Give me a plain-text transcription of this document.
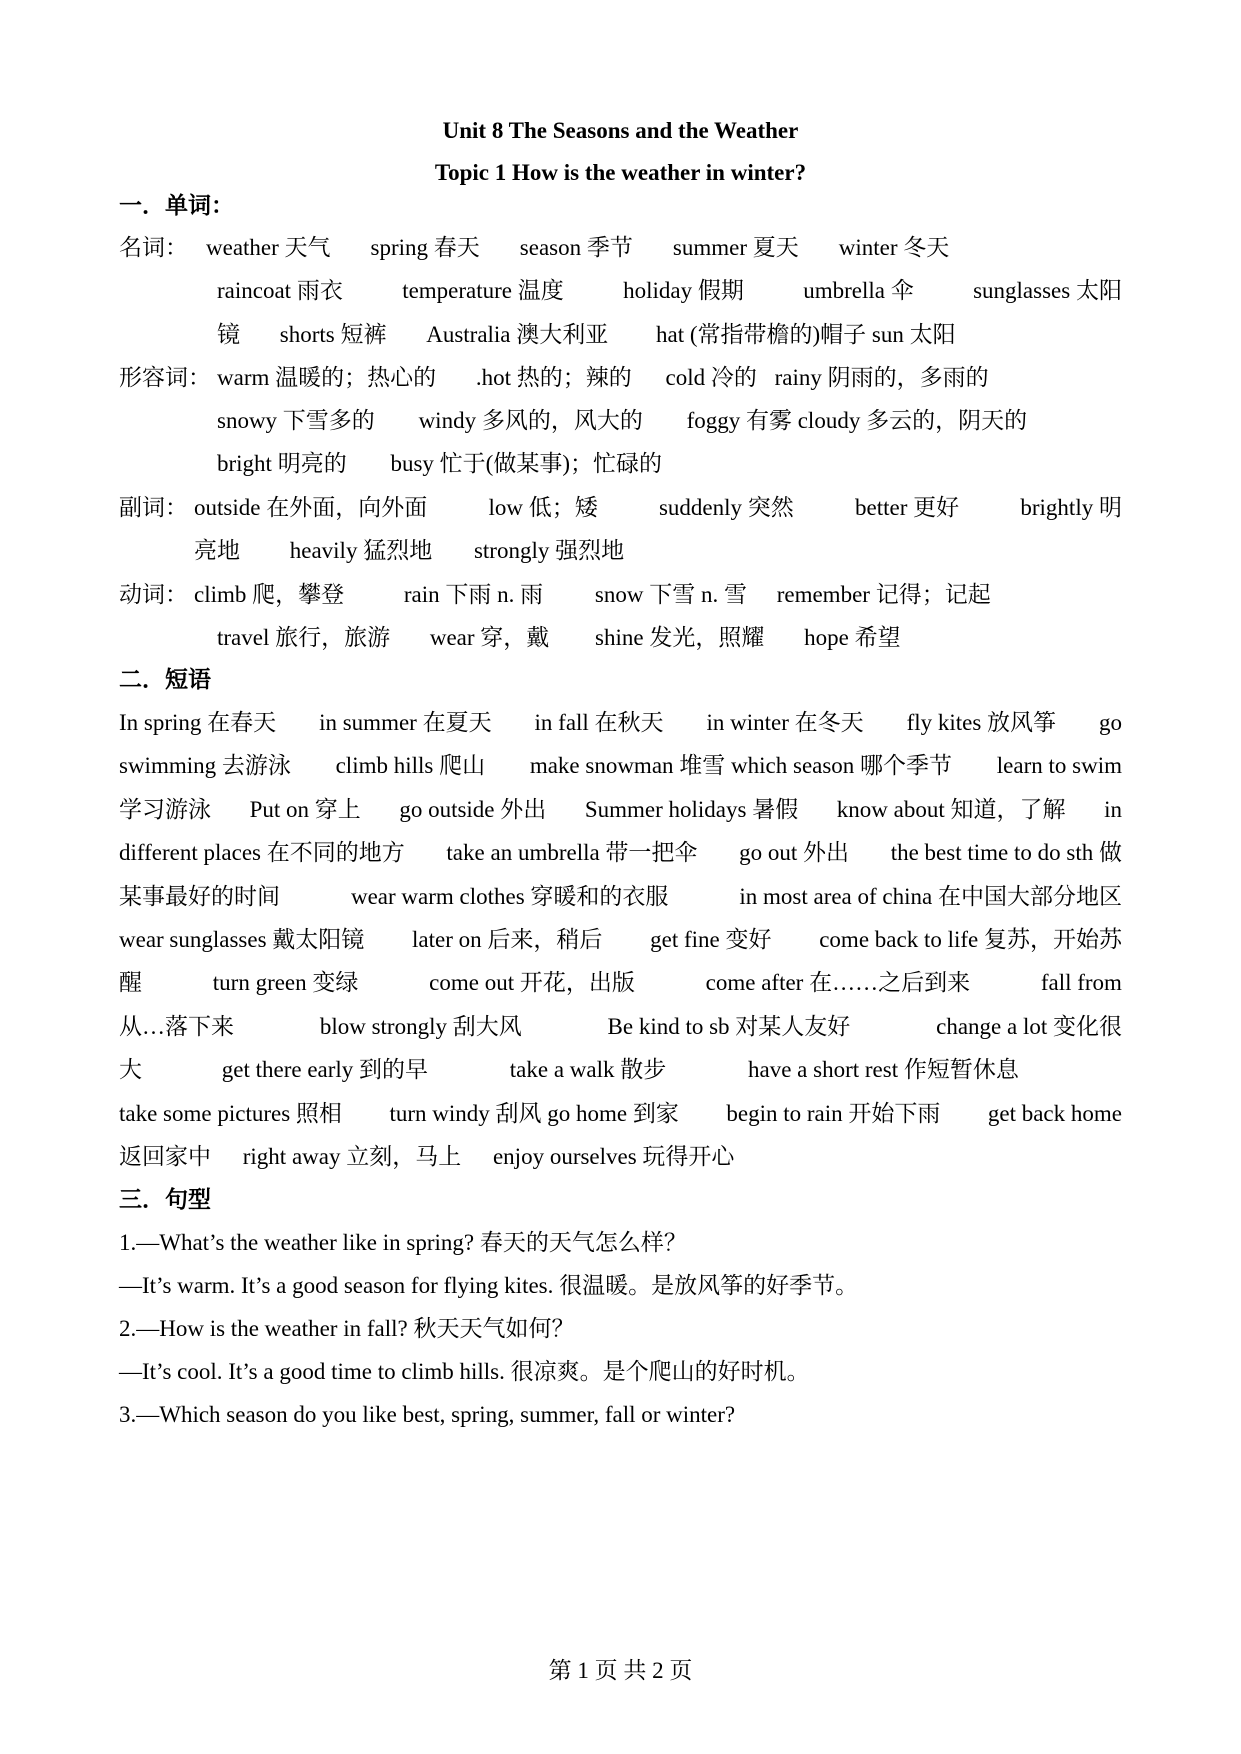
Unit 8 The Seasons and the Weather
Topic 1 How is the weather in winter?
一．单词：
名词： weather 天气 spring 春天 season 季节 summer 夏天 winter 冬天
raincoat 雨衣	temperature 温度	holiday 假期	umbrella 伞	sunglasses 太阳
镜 shorts 短裤 Australia 澳大利亚 hat (常指带檐的)帽子 sun 太阳
形容词： warm 温暖的；热心的 .hot 热的；辣的 cold 冷的 rainy 阴雨的，多雨的
snowy 下雪多的 windy 多风的，风大的 foggy 有雾 cloudy 多云的，阴天的
bright 明亮的 busy 忙于(做某事)；忙碌的
副词： outside 在外面，向外面	low 低；矮	suddenly 突然	better 更好	brightly 明
亮地 heavily 猛烈地 strongly 强烈地
动词： climb 爬，攀登	rain 下雨 n. 雨 snow 下雪 n. 雪 remember 记得；记起
travel 旅行，旅游 wear 穿，戴 shine 发光，照耀 hope 希望
二．短语
In spring 在春天 in summer 在夏天 in fall 在秋天 in winter 在冬天 fly kites 放风筝 go
swimming 去游泳 climb hills 爬山 make snowman 堆雪 which season 哪个季节 learn to swim
学习游泳 Put on 穿上 go outside 外出 Summer holidays 暑假 know about 知道，了解 in
different places 在不同的地方 take an umbrella 带一把伞 go out 外出 the best time to do sth 做
某事最好的时间	wear warm clothes 穿暖和的衣服	in most area of china 在中国大部分地区
wear sunglasses 戴太阳镜 later on 后来，稍后 get fine 变好 come back to life 复苏，开始苏
醒	turn green 变绿	come out 开花，出版	come after 在……之后到来	fall from
从…落下来	blow strongly 刮大风	Be kind to sb 对某人友好	change a lot 变化很
大	get there early 到的早	take a walk 散步	have a short rest 作短暂休息
take some pictures 照相 turn windy 刮风 go home 到家 begin to rain 开始下雨 get back home
返回家中 right away 立刻，马上 enjoy ourselves 玩得开心
三．句型
1.—What’s the weather like in spring? 春天的天气怎么样？
—It’s warm. It’s a good season for flying kites. 很温暖。是放风筝的好季节。
2.—How is the weather in fall? 秋天天气如何？
—It’s cool. It’s a good time to climb hills. 很凉爽。是个爬山的好时机。
3.—Which season do you like best, spring, summer, fall or winter?
第 1 页 共 2 页
